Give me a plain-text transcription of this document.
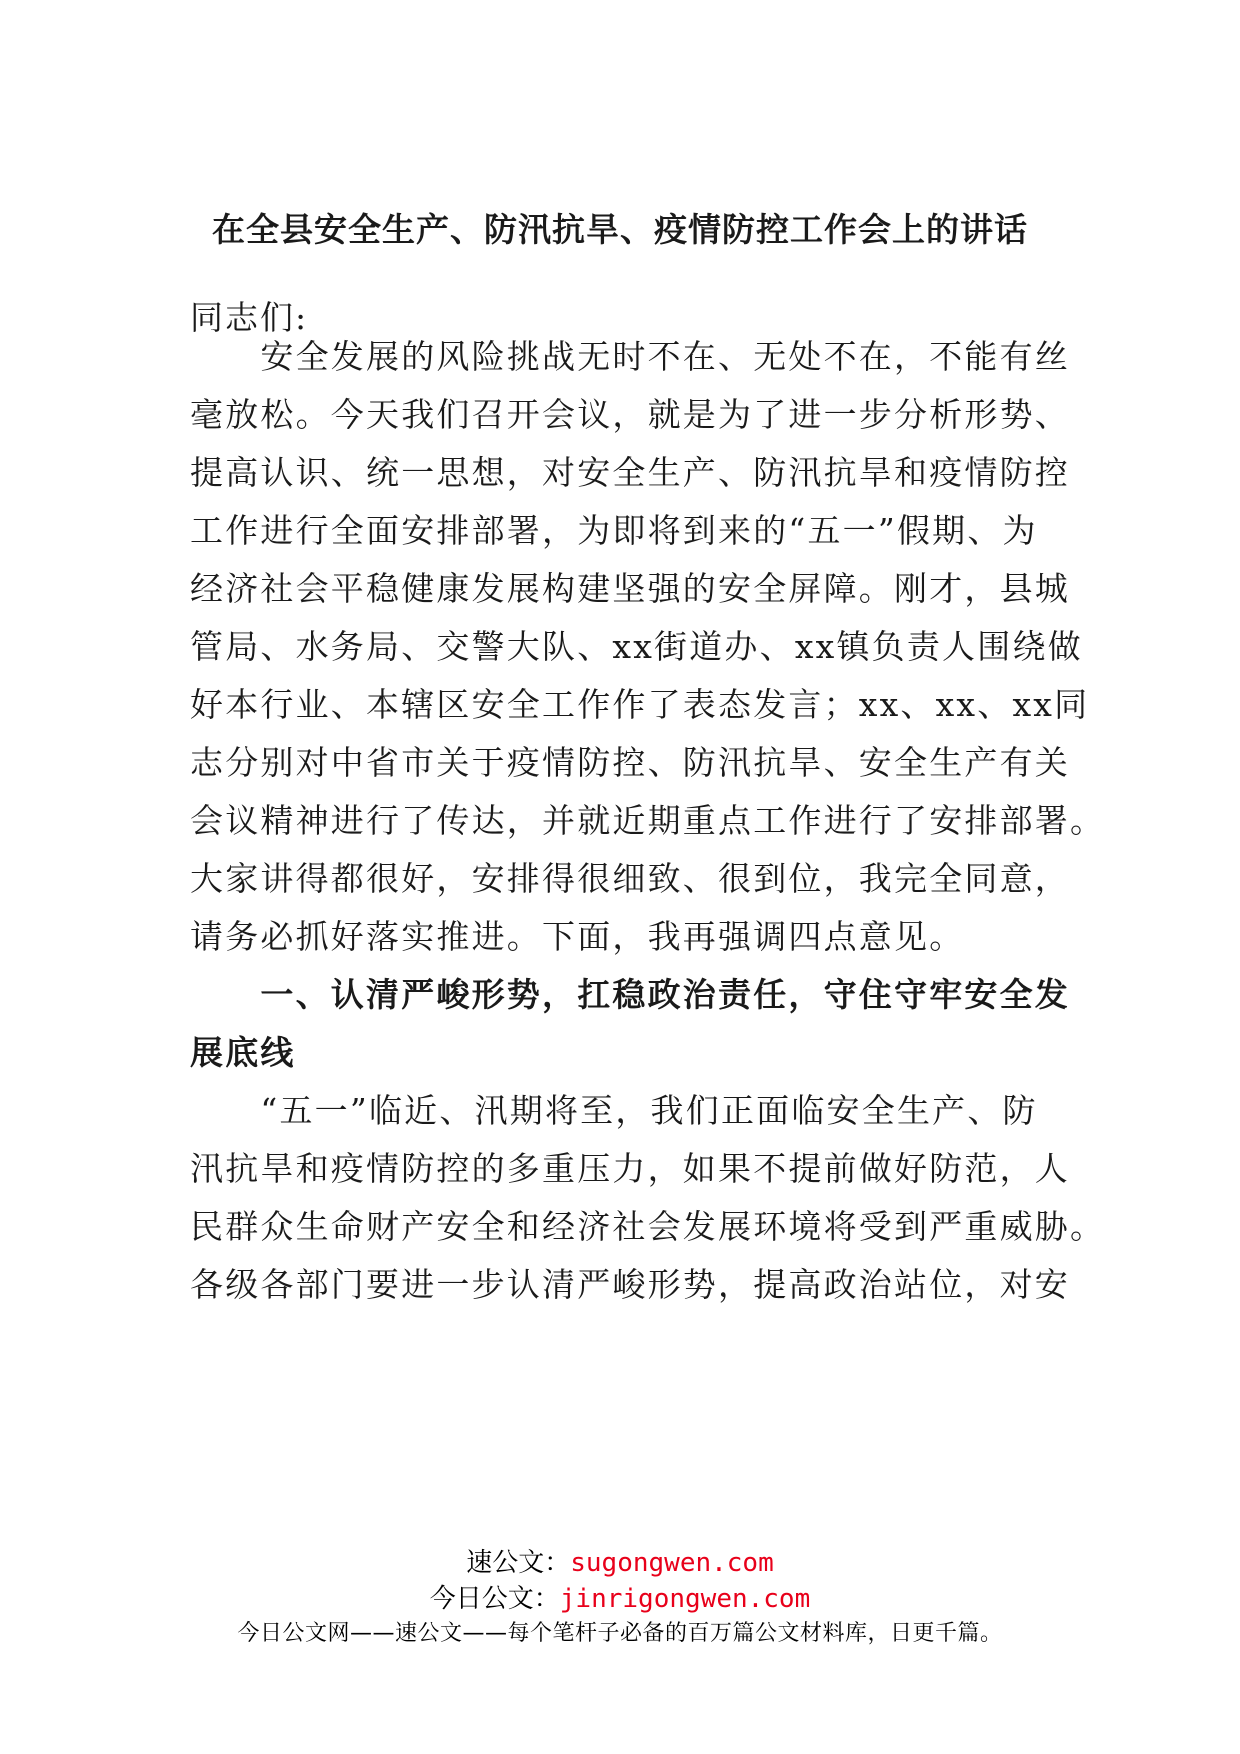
在全县安全生产、防汛抗旱、疫情防控工作会上的讲话
同志们:
　　安全发展的风险挑战无时不在、无处不在，不能有丝
毫放松。今天我们召开会议，就是为了进一步分析形势、
提高认识、统一思想，对安全生产、防汛抗旱和疫情防控
工作进行全面安排部署，为即将到来的“五一”假期、为
经济社会平稳健康发展构建坚强的安全屏障。刚才，县城
管局、水务局、交警大队、xx街道办、xx镇负责人围绕做
好本行业、本辖区安全工作作了表态发言；xx、xx、xx同
志分别对中省市关于疫情防控、防汛抗旱、安全生产有关
会议精神进行了传达，并就近期重点工作进行了安排部署。
大家讲得都很好，安排得很细致、很到位，我完全同意，
请务必抓好落实推进。下面，我再强调四点意见。
　　一、认清严峻形势，扛稳政治责任，守住守牢安全发
展底线
　　“五一”临近、汛期将至，我们正面临安全生产、防
汛抗旱和疫情防控的多重压力，如果不提前做好防范，人
民群众生命财产安全和经济社会发展环境将受到严重威胁。
各级各部门要进一步认清严峻形势，提高政治站位，对安
速公文：sugongwen.com
今日公文：jinrigongwen.com
今日公文网——速公文——每个笔杆子必备的百万篇公文材料库，日更千篇。
